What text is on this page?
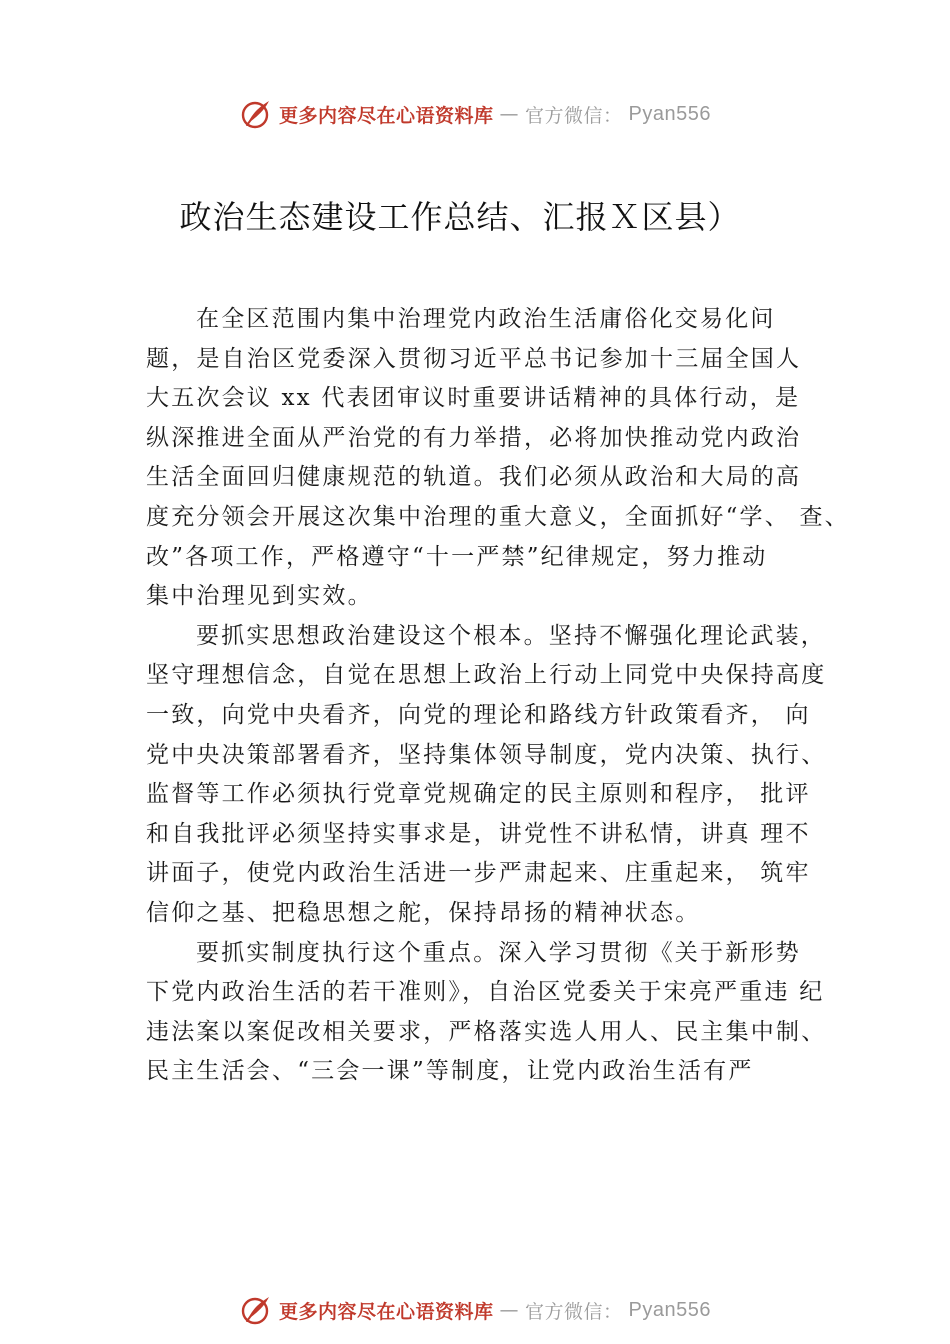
更多内容尽在心语资料库 — 官方微信： Pyan556
政治生态建设工作总结、汇报Ｘ区县）
在全区范围内集中治理党内政治生活庸俗化交易化问
题，是自治区党委深入贯彻习近平总书记参加十三届全国人
大五次会议 xx 代表团审议时重要讲话精神的具体行动，是
纵深推进全面从严治党的有力举措，必将加快推动党内政治
生活全面回归健康规范的轨道。我们必须从政治和大局的高
度充分领会开展这次集中治理的重大意义，全面抓好“学、 查、
改”各项工作，严格遵守“十一严禁”纪律规定，努力推动
集中治理见到实效。
要抓实思想政治建设这个根本。坚持不懈强化理论武装，
坚守理想信念，自觉在思想上政治上行动上同党中央保持高度
一致，向党中央看齐，向党的理论和路线方针政策看齐， 向
党中央决策部署看齐，坚持集体领导制度，党内决策、执行、
监督等工作必须执行党章党规确定的民主原则和程序， 批评
和自我批评必须坚持实事求是，讲党性不讲私情，讲真 理不
讲面子，使党内政治生活进一步严肃起来、庄重起来， 筑牢
信仰之基、把稳思想之舵，保持昂扬的精神状态。
要抓实制度执行这个重点。深入学习贯彻《关于新形势
下党内政治生活的若干准则》，自治区党委关于宋亮严重违 纪
违法案以案促改相关要求，严格落实选人用人、民主集中制、
民主生活会、“三会一课”等制度，让党内政治生活有严
更多内容尽在心语资料库 — 官方微信： Pyan556
